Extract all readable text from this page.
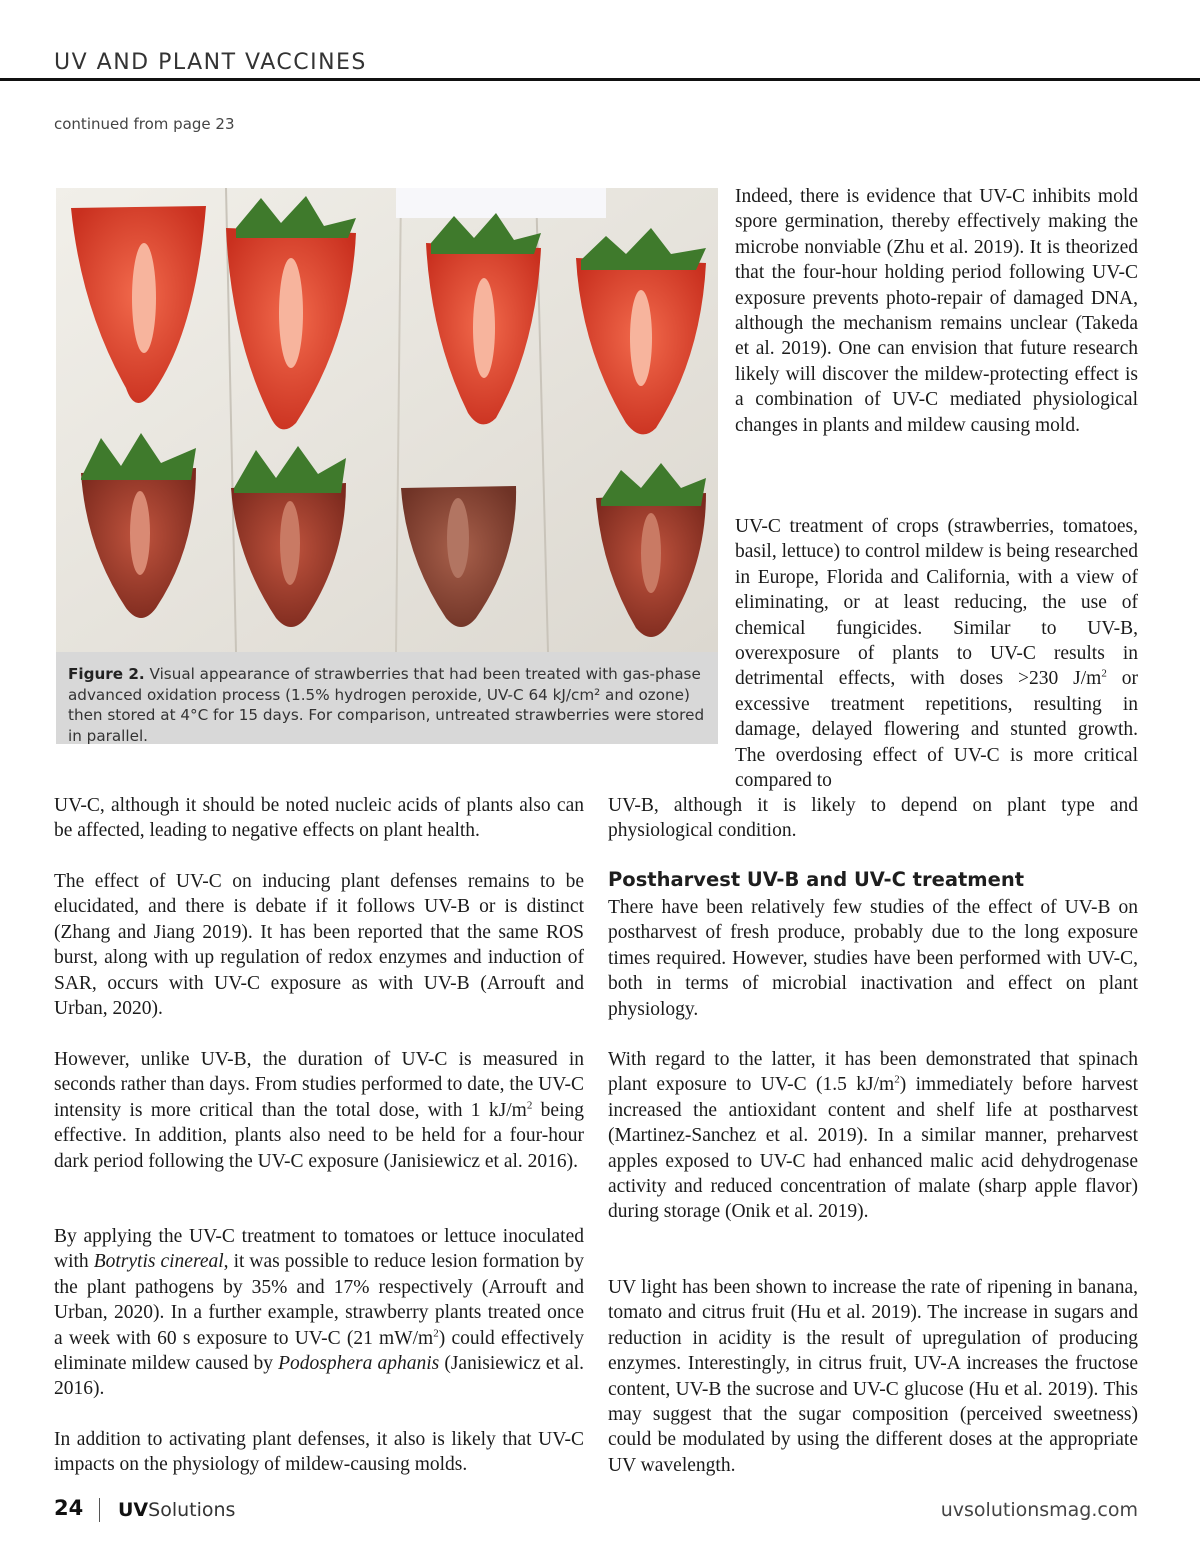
UV AND PLANT VACCINES
continued from page 23
Figure 2. Visual appearance of strawberries that had been treated with gas-phase advanced oxidation process (1.5% hydrogen peroxide, UV-C 64 kJ/cm² and ozone) then stored at 4°C for 15 days. For comparison, untreated strawberries were stored in parallel.

Indeed, there is evidence that UV-C inhibits mold spore germination, thereby effectively making the microbe nonviable (Zhu et al. 2019). It is theorized that the four-hour holding period following UV-C exposure prevents photo-repair of damaged DNA, although the mechanism remains unclear (Takeda et al. 2019). One can envision that future research likely will discover the mildew-protecting effect is a combination of UV-C mediated physiological changes in plants and mildew causing mold.

UV-C treatment of crops (strawberries, tomatoes, basil, lettuce) to control mildew is being researched in Europe, Florida and California, with a view of eliminating, or at least reducing, the use of chemical fungicides. Similar to UV-B, overexposure of plants to UV-C results in detrimental effects, with doses >230 $J/m^2$ or excessive treatment repetitions, resulting in damage, delayed flowering and stunted growth. The overdosing effect of UV-C is more critical compared to

UV-B, although it is likely to depend on plant type and physiological condition.

UV-C, although it should be noted nucleic acids of plants also can be affected, leading to negative effects on plant health.

The effect of UV-C on inducing plant defenses remains to be elucidated, and there is debate if it follows UV-B or is distinct (Zhang and Jiang 2019). It has been reported that the same ROS burst, along with up regulation of redox enzymes and induction of SAR, occurs with UV-C exposure as with UV-B (Arrouft and Urban, 2020).

However, unlike UV-B, the duration of UV-C is measured in seconds rather than days. From studies performed to date, the UV-C intensity is more critical than the total dose, with 1 $kJ/m^2$ being effective. In addition, plants also need to be held for a four-hour dark period following the UV-C exposure (Janisiewicz et al. 2016).

By applying the UV-C treatment to tomatoes or lettuce inoculated with Botrytis cinereal, it was possible to reduce lesion formation by the plant pathogens by 35% and 17% respectively (Arrouft and Urban, 2020). In a further example, strawberry plants treated once a week with 60 s exposure to UV-C (21 $mW/m^2$) could effectively eliminate mildew caused by Podosphera aphanis (Janisiewicz et al. 2016).

In addition to activating plant defenses, it also is likely that UV-C impacts on the physiology of mildew-causing molds.

Postharvest UV-B and UV-C treatment

There have been relatively few studies of the effect of UV-B on postharvest of fresh produce, probably due to the long exposure times required. However, studies have been performed with UV-C, both in terms of microbial inactivation and effect on plant physiology.

With regard to the latter, it has been demonstrated that spinach plant exposure to UV-C (1.5 $kJ/m^2$) immediately before harvest increased the antioxidant content and shelf life at postharvest (Martinez-Sanchez et al. 2019). In a similar manner, preharvest apples exposed to UV-C had enhanced malic acid dehydrogenase activity and reduced concentration of malate (sharp apple flavor) during storage (Onik et al. 2019).

UV light has been shown to increase the rate of ripening in banana, tomato and citrus fruit (Hu et al. 2019). The increase in sugars and reduction in acidity is the result of upregulation of producing enzymes. Interestingly, in citrus fruit, UV-A increases the fructose content, UV-B the sucrose and UV-C glucose (Hu et al. 2019). This may suggest that the sugar composition (perceived sweetness) could be modulated by using the different doses at the appropriate UV wavelength.

24 UVSolutions	uvsolutionsmag.com
